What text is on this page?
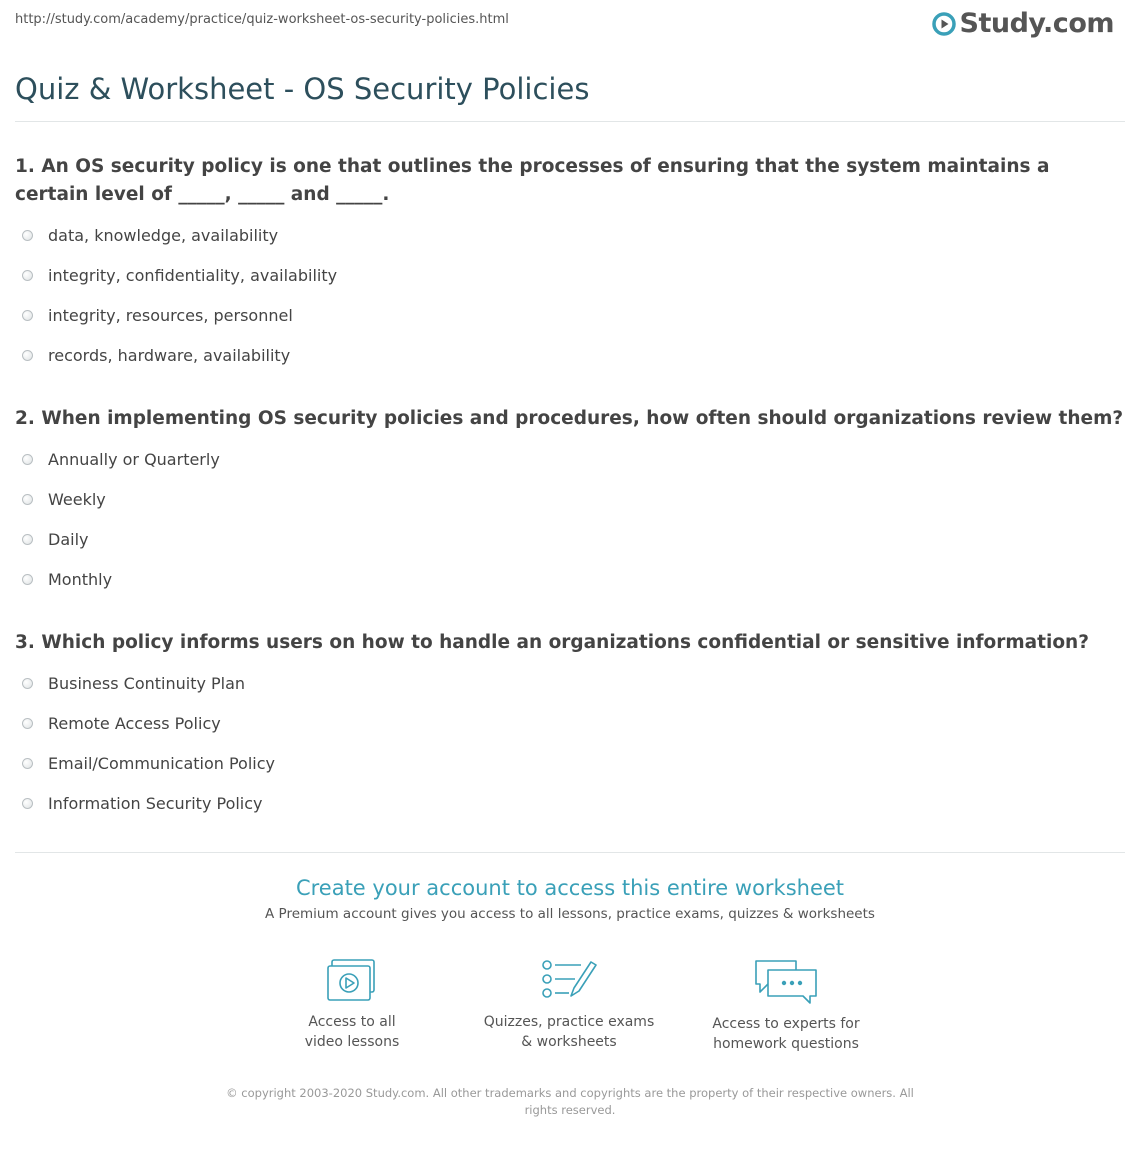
http://study.com/academy/practice/quiz-worksheet-os-security-policies.html	Study.com
Quiz & Worksheet - OS Security Policies

1. An OS security policy is one that outlines the processes of ensuring that the system maintains a certain level of _____, _____ and _____.

data, knowledge, availability
integrity, confidentiality, availability
integrity, resources, personnel
records, hardware, availability

2. When implementing OS security policies and procedures, how often should organizations review them?

Annually or Quarterly
Weekly
Daily
Monthly

3. Which policy informs users on how to handle an organizations confidential or sensitive information?

Business Continuity Plan
Remote Access Policy
Email/Communication Policy
Information Security Policy
Create your account to access this entire worksheet
A Premium account gives you access to all lessons, practice exams, quizzes & worksheets
Access to all
video lessons
Quizzes, practice exams
& worksheets
Access to experts for
homework questions
© copyright 2003-2020 Study.com. All other trademarks and copyrights are the property of their respective owners. All rights reserved.
